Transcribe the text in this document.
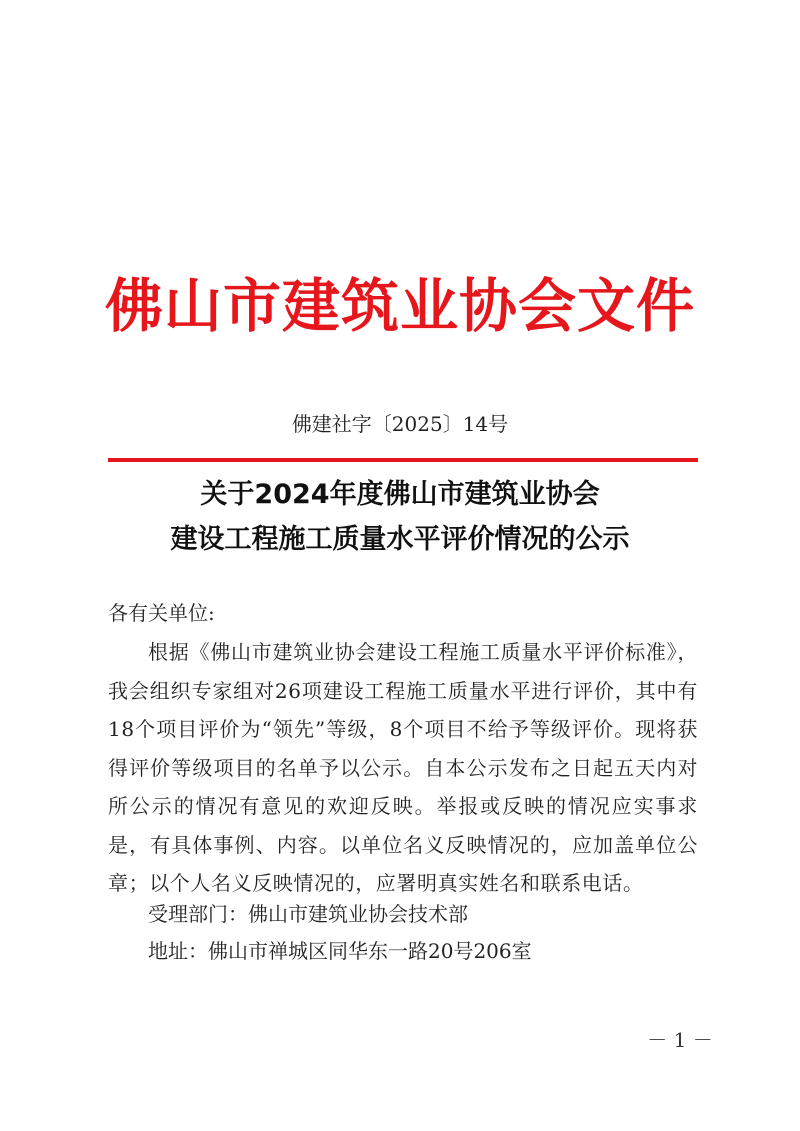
佛山市建筑业协会文件
佛建社字〔2025〕14号
关于2024年度佛山市建筑业协会
建设工程施工质量水平评价情况的公示
各有关单位:
根据《佛山市建筑业协会建设工程施工质量水平评价标准》，我会组织专家组对26项建设工程施工质量水平进行评价，其中有18个项目评价为“领先”等级，8个项目不给予等级评价。现将获得评价等级项目的名单予以公示。自本公示发布之日起五天内对所公示的情况有意见的欢迎反映。举报或反映的情况应实事求是，有具体事例、内容。以单位名义反映情况的，应加盖单位公章；以个人名义反映情况的，应署明真实姓名和联系电话。
受理部门：佛山市建筑业协会技术部
地址：佛山市禅城区同华东一路20号206室
－ 1 －
